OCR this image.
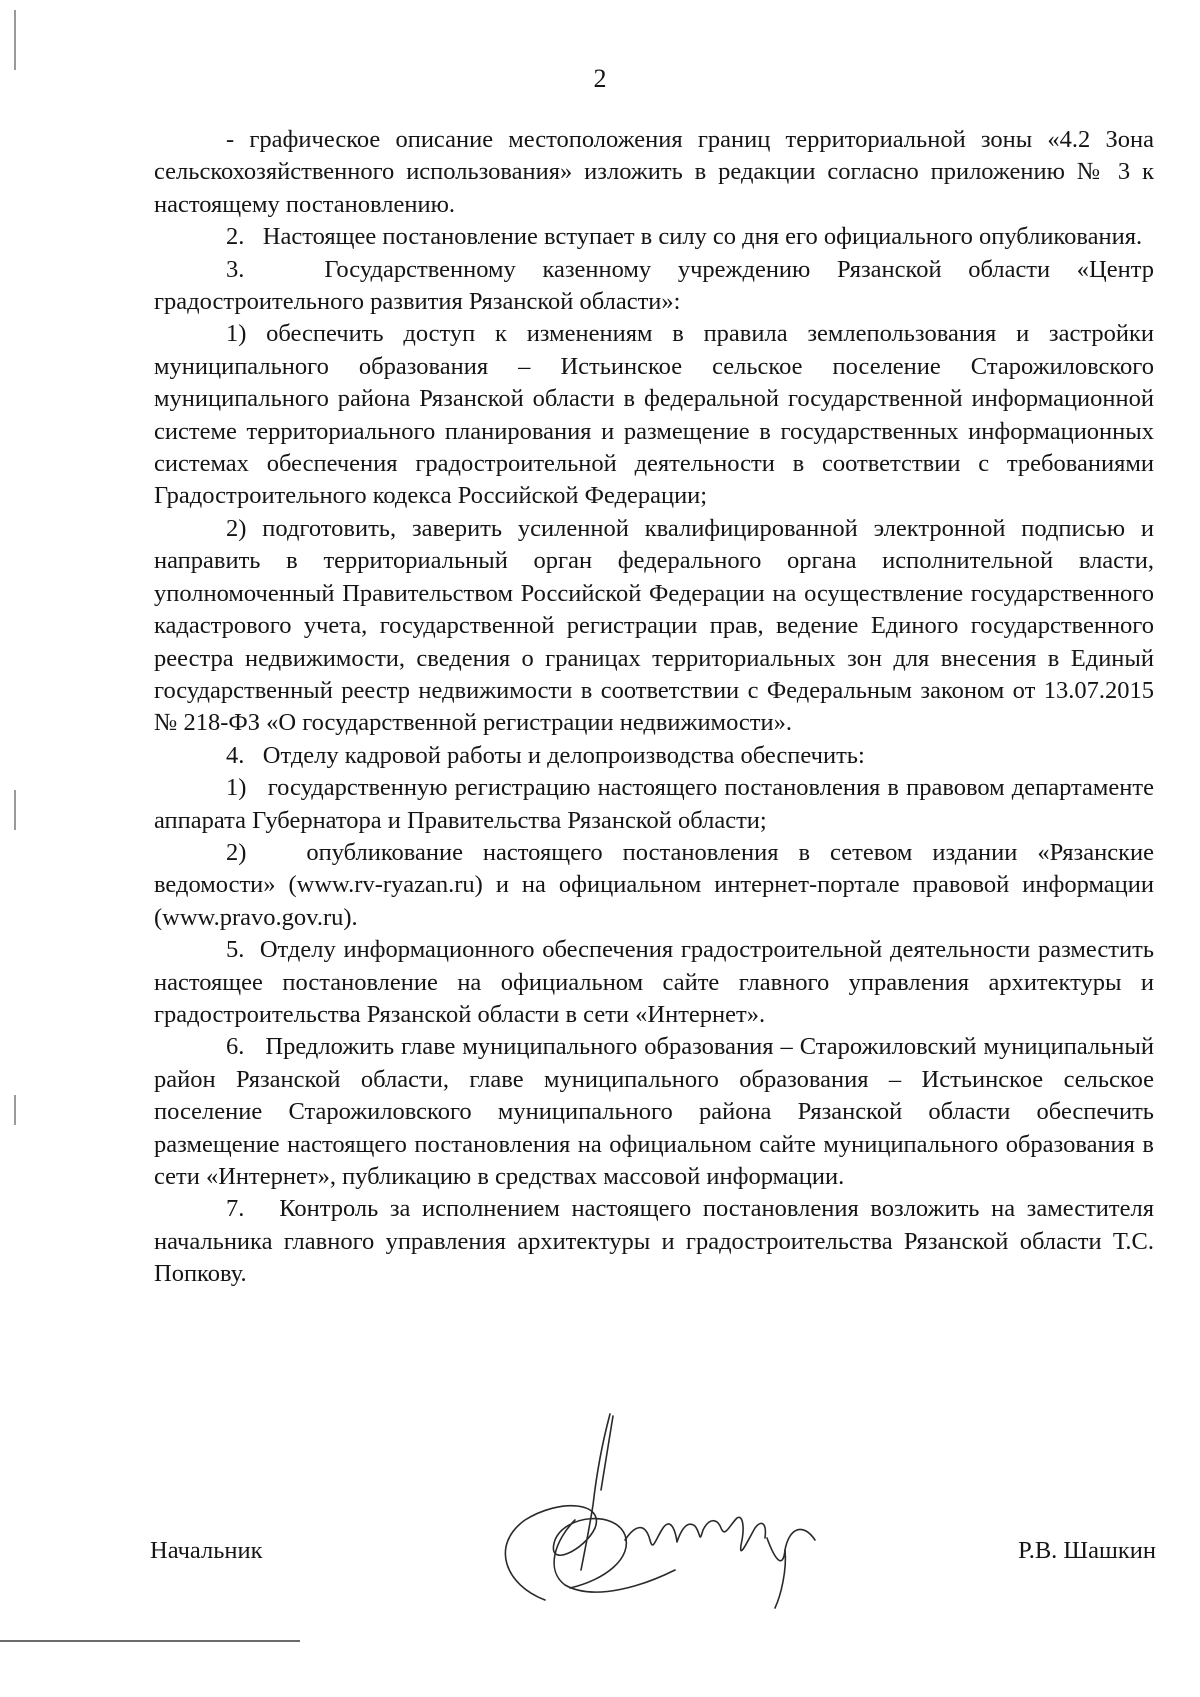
2

- графическое описание местоположения границ территориальной зоны «4.2 Зона сельскохозяйственного использования» изложить в редакции согласно приложению № 3 к настоящему постановлению.

2.   Настоящее постановление вступает в силу со дня его официального опубликования.

3.   Государственному казенному учреждению Рязанской области «Центр градостроительного развития Рязанской области»:

1) обеспечить доступ к изменениям в правила землепользования и застройки муниципального образования – Истьинское сельское поселение Старожиловского муниципального района Рязанской области в федеральной государственной информационной системе территориального планирования и размещение в государственных информационных системах обеспечения градостроительной деятельности в соответствии с требованиями Градостроительного кодекса Российской Федерации;

2) подготовить, заверить усиленной квалифицированной электронной подписью и направить в территориальный орган федерального органа исполнительной власти, уполномоченный Правительством Российской Федерации на осуществление государственного кадастрового учета, государственной регистрации прав, ведение Единого государственного реестра недвижимости, сведения о границах территориальных зон для внесения в Единый государственный реестр недвижимости в соответствии с Федеральным законом от 13.07.2015 № 218-ФЗ «О государственной регистрации недвижимости».

4.   Отделу кадровой работы и делопроизводства обеспечить:

1)   государственную регистрацию настоящего постановления в правовом департаменте аппарата Губернатора и Правительства Рязанской области;

2)   опубликование настоящего постановления в сетевом издании «Рязанские ведомости» (www.rv-ryazan.ru) и на официальном интернет-портале правовой информации (www.pravo.gov.ru).

5.  Отделу информационного обеспечения градостроительной деятельности разместить настоящее постановление на официальном сайте главного управления архитектуры и градостроительства Рязанской области в сети «Интернет».

6.   Предложить главе муниципального образования – Старожиловский муниципальный район Рязанской области, главе муниципального образования – Истьинское сельское поселение Старожиловского муниципального района Рязанской области обеспечить размещение настоящего постановления на официальном сайте муниципального образования в сети «Интернет», публикацию в средствах массовой информации.

7.   Контроль за исполнением настоящего постановления возложить на заместителя начальника главного управления архитектуры и градостроительства Рязанской области Т.С. Попкову.

Начальник	Р.В. Шашкин
